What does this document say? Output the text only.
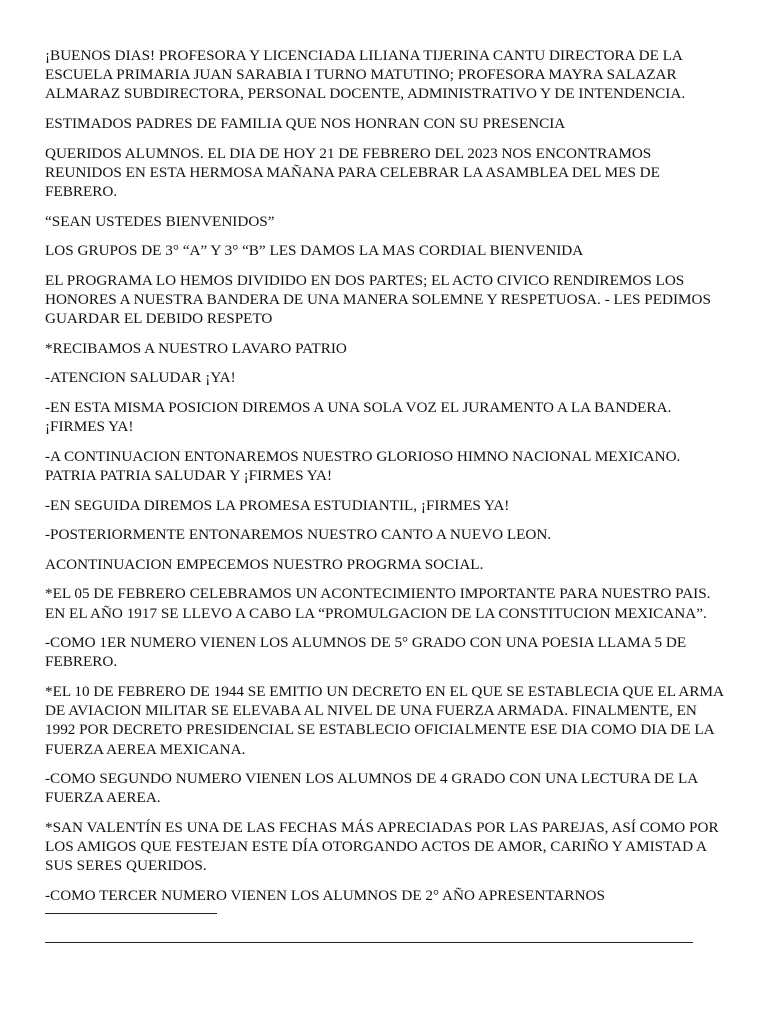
¡BUENOS DIAS! PROFESORA Y LICENCIADA LILIANA TIJERINA CANTU DIRECTORA DE LA ESCUELA PRIMARIA JUAN SARABIA I TURNO MATUTINO; PROFESORA MAYRA SALAZAR ALMARAZ SUBDIRECTORA, PERSONAL DOCENTE, ADMINISTRATIVO Y DE INTENDENCIA.

ESTIMADOS PADRES DE FAMILIA QUE NOS HONRAN CON SU PRESENCIA

QUERIDOS ALUMNOS. EL DIA DE HOY 21 DE FEBRERO DEL 2023 NOS ENCONTRAMOS REUNIDOS EN ESTA HERMOSA MAÑANA PARA CELEBRAR LA ASAMBLEA DEL MES DE FEBRERO.

“SEAN USTEDES BIENVENIDOS”

LOS GRUPOS DE 3° “A” Y 3° “B” LES DAMOS LA MAS CORDIAL BIENVENIDA

EL PROGRAMA LO HEMOS DIVIDIDO EN DOS PARTES; EL ACTO CIVICO RENDIREMOS LOS HONORES A NUESTRA BANDERA DE UNA MANERA SOLEMNE Y RESPETUOSA. - LES PEDIMOS GUARDAR EL DEBIDO RESPETO

*RECIBAMOS A NUESTRO LAVARO PATRIO

-ATENCION SALUDAR ¡YA!

-EN ESTA MISMA POSICION DIREMOS A UNA SOLA VOZ EL JURAMENTO A LA BANDERA. ¡FIRMES YA!

-A CONTINUACION ENTONAREMOS NUESTRO GLORIOSO HIMNO NACIONAL MEXICANO. PATRIA PATRIA SALUDAR Y ¡FIRMES YA!

-EN SEGUIDA DIREMOS LA PROMESA ESTUDIANTIL, ¡FIRMES YA!

-POSTERIORMENTE ENTONAREMOS NUESTRO CANTO A NUEVO LEON.

ACONTINUACION EMPECEMOS NUESTRO PROGRMA SOCIAL.

*EL 05 DE FEBRERO CELEBRAMOS UN ACONTECIMIENTO IMPORTANTE PARA NUESTRO PAIS. EN EL AÑO 1917 SE LLEVO A CABO LA “PROMULGACION DE LA CONSTITUCION MEXICANA”.

-COMO 1ER NUMERO VIENEN LOS ALUMNOS DE 5° GRADO CON UNA POESIA LLAMA 5 DE FEBRERO.

*EL 10 DE FEBRERO DE 1944 SE EMITIO UN DECRETO EN EL QUE SE ESTABLECIA QUE EL ARMA DE AVIACION MILITAR SE ELEVABA AL NIVEL DE UNA FUERZA ARMADA. FINALMENTE, EN 1992 POR DECRETO PRESIDENCIAL SE ESTABLECIO OFICIALMENTE ESE DIA COMO DIA DE LA FUERZA AEREA MEXICANA.

-COMO SEGUNDO NUMERO VIENEN LOS ALUMNOS DE 4 GRADO CON UNA LECTURA DE LA FUERZA AEREA.

*SAN VALENTÍN ES UNA DE LAS FECHAS MÁS APRECIADAS POR LAS PAREJAS, ASÍ COMO POR LOS AMIGOS QUE FESTEJAN ESTE DÍA OTORGANDO ACTOS DE AMOR, CARIÑO Y AMISTAD A SUS SERES QUERIDOS.

-COMO TERCER NUMERO VIENEN LOS ALUMNOS DE 2° AÑO APRESENTARNOS
